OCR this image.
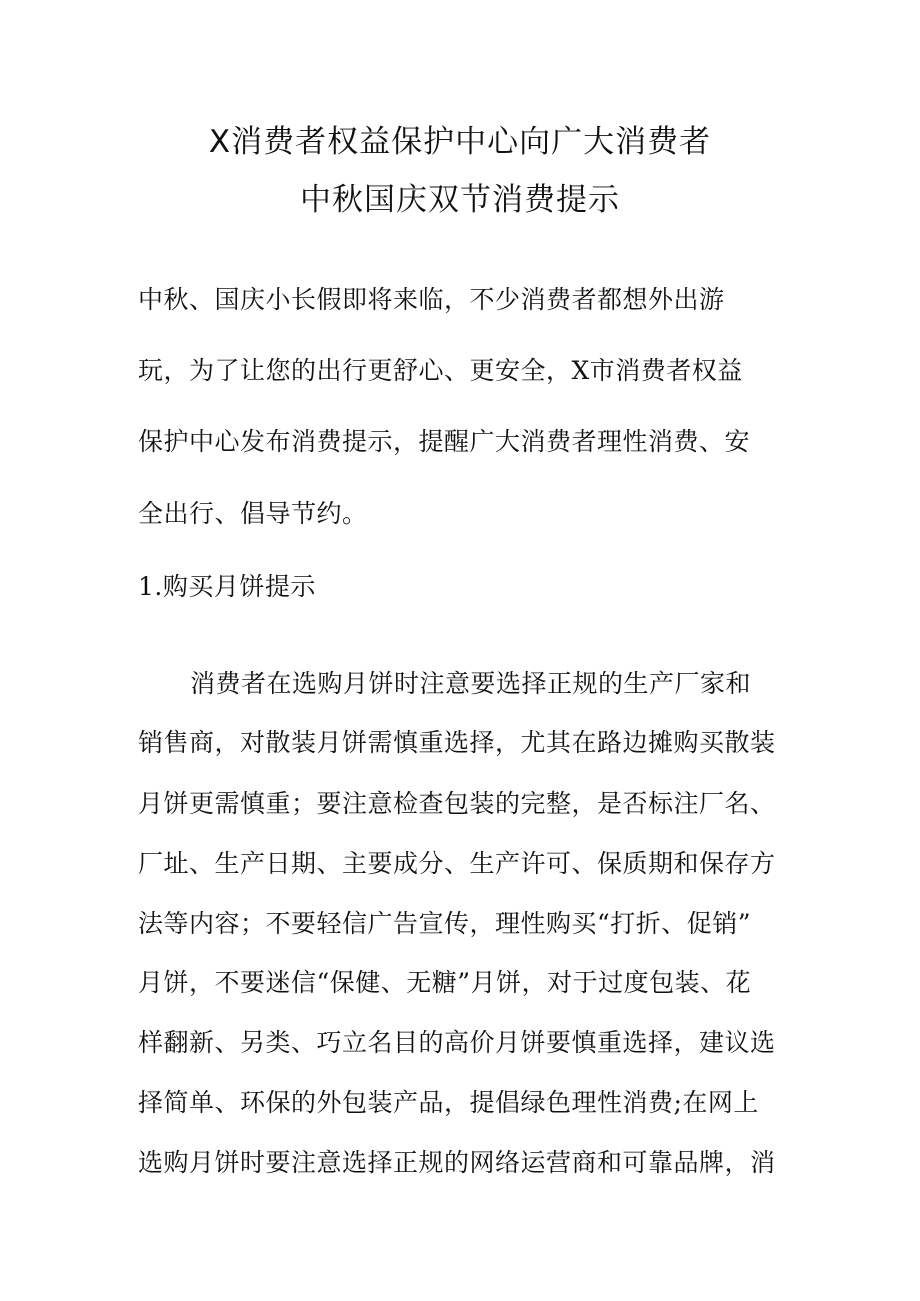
X消费者权益保护中心向广大消费者
中秋国庆双节消费提示
中秋、国庆小长假即将来临，不少消费者都想外出游
玩，为了让您的出行更舒心、更安全，X市消费者权益
保护中心发布消费提示，提醒广大消费者理性消费、安
全出行、倡导节约。
1.购买月饼提示
消费者在选购月饼时注意要选择正规的生产厂家和
销售商，对散装月饼需慎重选择，尤其在路边摊购买散装
月饼更需慎重；要注意检查包装的完整，是否标注厂名、
厂址、生产日期、主要成分、生产许可、保质期和保存方
法等内容；不要轻信广告宣传，理性购买“打折、促销”
月饼，不要迷信“保健、无糖”月饼，对于过度包装、花
样翻新、另类、巧立名目的高价月饼要慎重选择，建议选
择简单、环保的外包装产品，提倡绿色理性消费;在网上
选购月饼时要注意选择正规的网络运营商和可靠品牌，消
